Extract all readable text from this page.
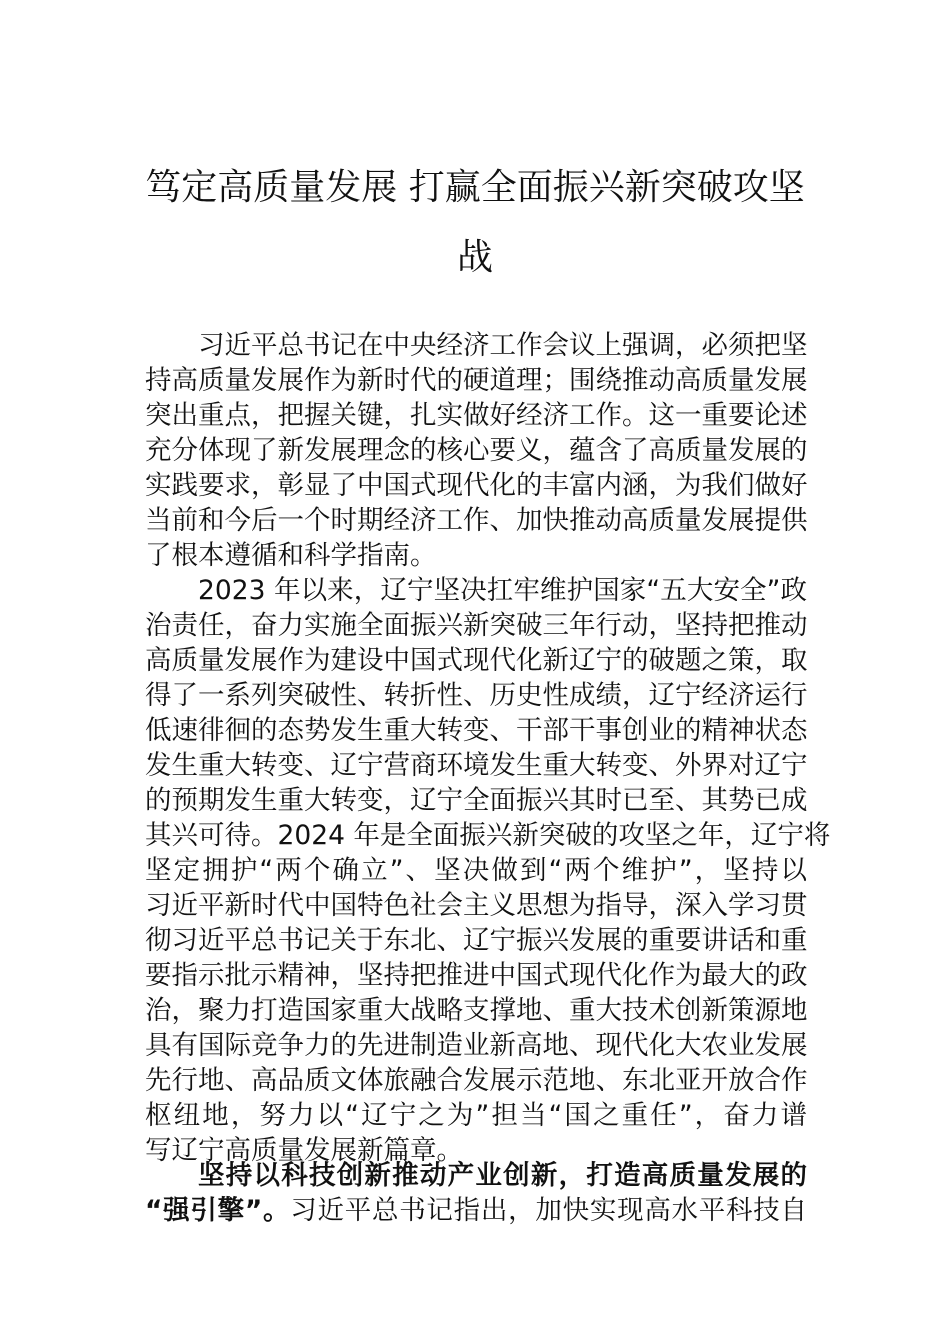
笃定高质量发展 打赢全面振兴新突破攻坚
战

习近平总书记在中央经济工作会议上强调，必须把坚

持高质量发展作为新时代的硬道理；围绕推动高质量发展

突出重点，把握关键，扎实做好经济工作。这一重要论述

充分体现了新发展理念的核心要义，蕴含了高质量发展的

实践要求，彰显了中国式现代化的丰富内涵，为我们做好

当前和今后一个时期经济工作、加快推动高质量发展提供

了根本遵循和科学指南。

2023 年以来，辽宁坚决扛牢维护国家“五大安全”政

治责任，奋力实施全面振兴新突破三年行动，坚持把推动

高质量发展作为建设中国式现代化新辽宁的破题之策，取

得了一系列突破性、转折性、历史性成绩，辽宁经济运行

低速徘徊的态势发生重大转变、干部干事创业的精神状态

发生重大转变、辽宁营商环境发生重大转变、外界对辽宁

的预期发生重大转变，辽宁全面振兴其时已至、其势已成

其兴可待。2024 年是全面振兴新突破的攻坚之年，辽宁将

坚定拥护“两个确立”、坚决做到“两个维护”，坚持以

习近平新时代中国特色社会主义思想为指导，深入学习贯

彻习近平总书记关于东北、辽宁振兴发展的重要讲话和重

要指示批示精神，坚持把推进中国式现代化作为最大的政

治，聚力打造国家重大战略支撑地、重大技术创新策源地

具有国际竞争力的先进制造业新高地、现代化大农业发展

先行地、高品质文体旅融合发展示范地、东北亚开放合作

枢纽地，努力以“辽宁之为”担当“国之重任”，奋力谱

写辽宁高质量发展新篇章。

坚持以科技创新推动产业创新，打造高质量发展的

“强引擎”。习近平总书记指出，加快实现高水平科技自
